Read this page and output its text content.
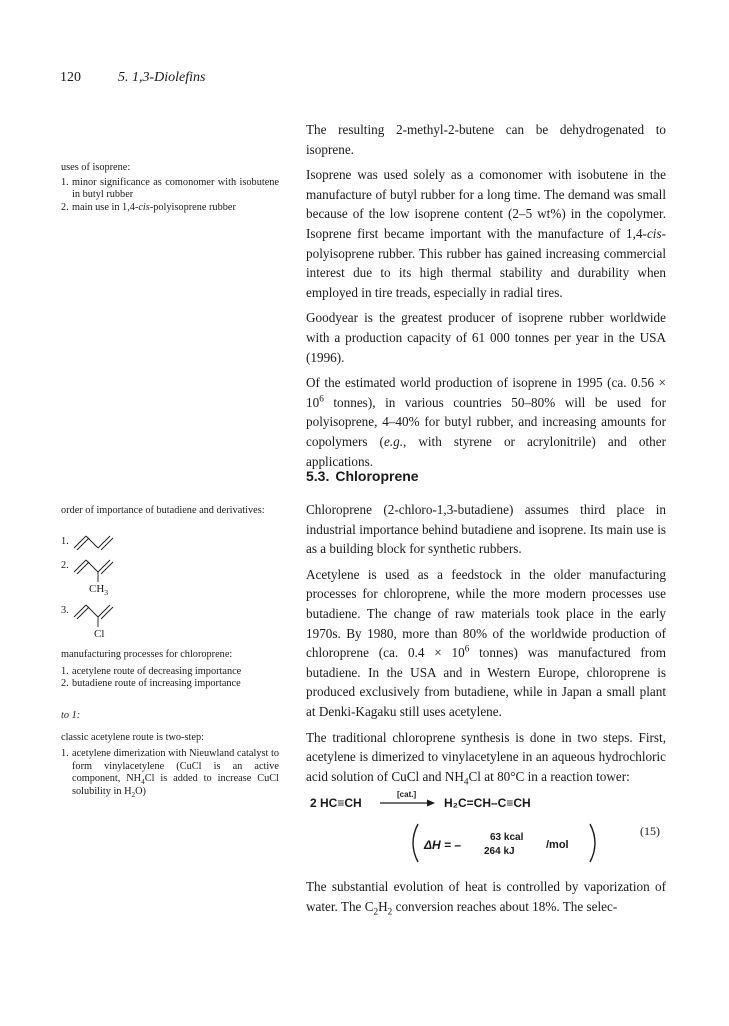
120	5. 1,3-Diolefins

The resulting 2-methyl-2-butene can be dehydrogenated to isoprene.

Isoprene was used solely as a comonomer with isobutene in the manufacture of butyl rubber for a long time. The demand was small because of the low isoprene content (2–5 wt%) in the copolymer. Isoprene first became important with the manufacture of 1,4-cis-polyisoprene rubber. This rubber has gained increasing commercial interest due to its high thermal stability and durability when employed in tire treads, especially in radial tires.

Goodyear is the greatest producer of isoprene rubber worldwide with a production capacity of 61 000 tonnes per year in the USA (1996).

Of the estimated world production of isoprene in 1995 (ca. $0.56 \times 10^6$ tonnes), in various countries 50–80% will be used for polyisoprene, 4–40% for butyl rubber, and increasing amounts for copolymers (e.g., with styrene or acrylonitrile) and other applications.

5.3. Chloroprene

Chloroprene (2-chloro-1,3-butadiene) assumes third place in industrial importance behind butadiene and isoprene. Its main use is as a building block for synthetic rubbers.

Acetylene is used as a feedstock in the older manufacturing processes for chloroprene, while the more modern processes use butadiene. The change of raw materials took place in the early 1970s. By 1980, more than 80% of the worldwide production of chloroprene (ca. $0.4 \times 10^6$ tonnes) was manufactured from butadiene. In the USA and in Western Europe, chloroprene is produced exclusively from butadiene, while in Japan a small plant at Denki-Kagaku still uses acetylene.

The traditional chloroprene synthesis is done in two steps. First, acetylene is dimerized to vinylacetylene in an aqueous hydrochloric acid solution of CuCl and $NH_4Cl$ at 80°C in a reaction tower:

2 HC≡CH
[cat.]
H₂C=CH–C≡CH
ΔH = –
63 kcal
264 kJ
/mol
(15)

The substantial evolution of heat is controlled by vaporization of water. The $C_2H_2$ conversion reaches about 18%. The selec-

uses of isoprene:

1. minor significance as comonomer with isobutene in butyl rubber
2. main use in 1,4-cis-polyisoprene rubber

order of importance of butadiene and derivatives:

1.
2.
$CH_3$
3.
Cl

manufacturing processes for chloroprene:

1. acetylene route of decreasing importance
2. butadiene route of increasing importance

to 1:

classic acetylene route is two-step:

1. acetylene dimerization with Nieuwland catalyst to form vinylacetylene (CuCl is an active component, $NH_4Cl$ is added to increase CuCl solubility in $H_2O$)
